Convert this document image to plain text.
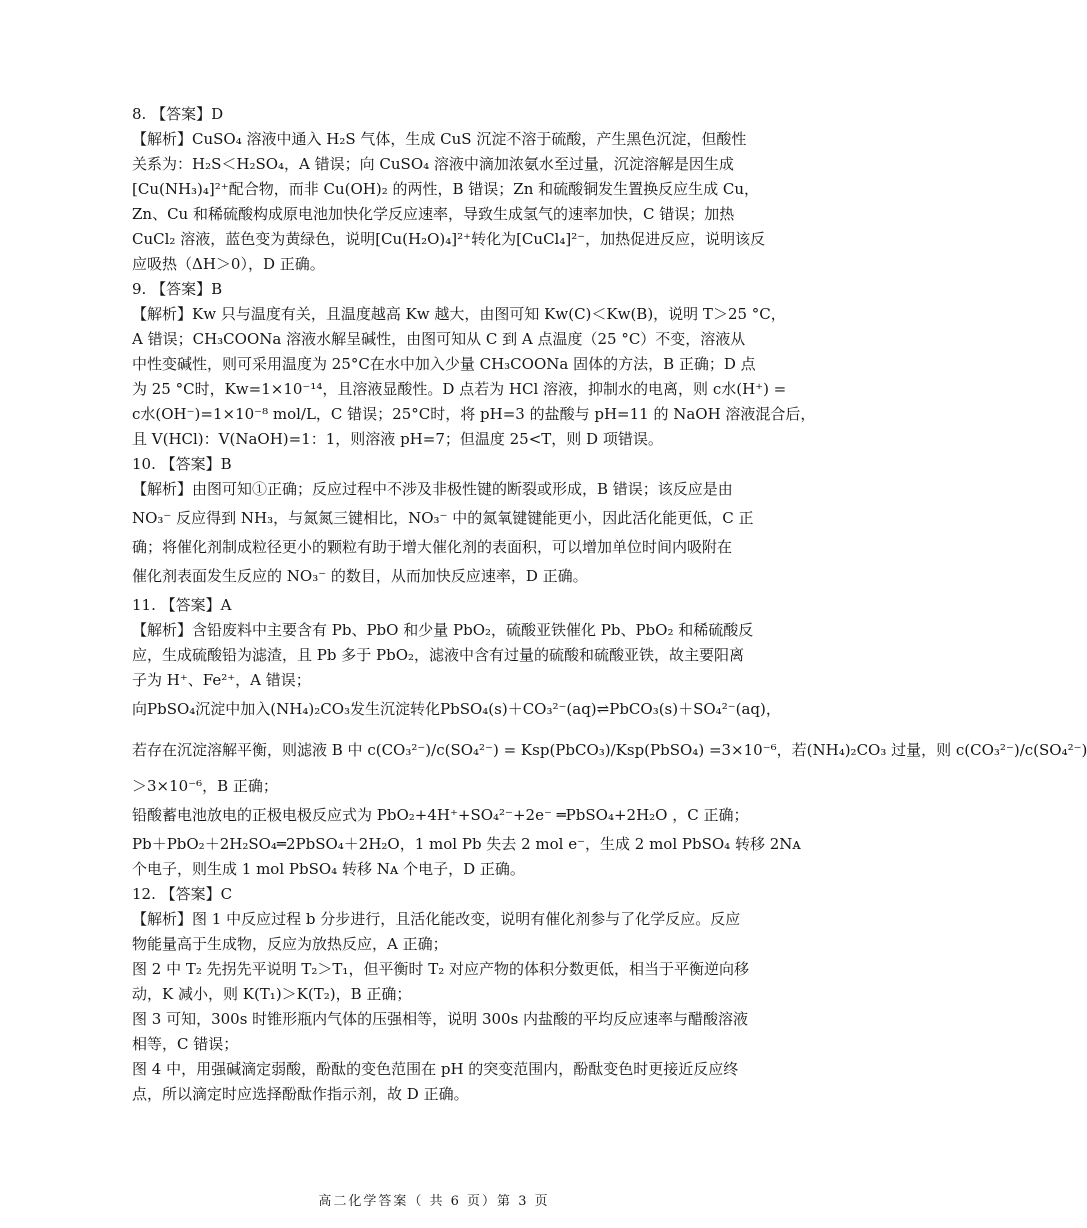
8. 【答案】D
【解析】CuSO₄ 溶液中通入 H₂S 气体，生成 CuS 沉淀不溶于硫酸，产生黑色沉淀，但酸性
关系为：H₂S＜H₂SO₄，A 错误；向 CuSO₄ 溶液中滴加浓氨水至过量，沉淀溶解是因生成
[Cu(NH₃)₄]²⁺配合物，而非 Cu(OH)₂ 的两性，B 错误；Zn 和硫酸铜发生置换反应生成 Cu，
Zn、Cu 和稀硫酸构成原电池加快化学反应速率，导致生成氢气的速率加快，C 错误；加热
CuCl₂ 溶液，蓝色变为黄绿色，说明[Cu(H₂O)₄]²⁺转化为[CuCl₄]²⁻，加热促进反应，说明该反
应吸热（ΔH＞0），D 正确。
9. 【答案】B
【解析】Kw 只与温度有关，且温度越高 Kw 越大，由图可知 Kw(C)＜Kw(B)，说明 T＞25 °C，
A 错误；CH₃COONa 溶液水解呈碱性，由图可知从 C 到 A 点温度（25 °C）不变，溶液从
中性变碱性，则可采用温度为 25°C在水中加入少量 CH₃COONa 固体的方法，B 正确；D 点
为 25 °C时，Kw=1×10⁻¹⁴，且溶液显酸性。D 点若为 HCl 溶液，抑制水的电离，则 c水(H⁺) =
c水(OH⁻)=1×10⁻⁸ mol/L，C 错误；25°C时，将 pH=3 的盐酸与 pH=11 的 NaOH 溶液混合后，
且 V(HCl)：V(NaOH)=1：1，则溶液 pH=7；但温度 25<T，则 D 项错误。
10. 【答案】B
【解析】由图可知①正确；反应过程中不涉及非极性键的断裂或形成，B 错误；该反应是由
NO₃⁻ 反应得到 NH₃，与氮氮三键相比，NO₃⁻ 中的氮氧键键能更小，因此活化能更低，C 正
确；将催化剂制成粒径更小的颗粒有助于增大催化剂的表面积，可以增加单位时间内吸附在
催化剂表面发生反应的 NO₃⁻ 的数目，从而加快反应速率，D 正确。
11. 【答案】A
【解析】含铅废料中主要含有 Pb、PbO 和少量 PbO₂，硫酸亚铁催化 Pb、PbO₂ 和稀硫酸反
应，生成硫酸铅为滤渣，且 Pb 多于 PbO₂，滤液中含有过量的硫酸和硫酸亚铁，故主要阳离
子为 H⁺、Fe²⁺，A 错误；
向PbSO₄沉淀中加入(NH₄)₂CO₃发生沉淀转化PbSO₄(s)＋CO₃²⁻(aq)⇌PbCO₃(s)＋SO₄²⁻(aq)，
若存在沉淀溶解平衡，则滤液 B 中 c(CO₃²⁻)/c(SO₄²⁻) = Ksp(PbCO₃)/Ksp(PbSO₄) =3×10⁻⁶，若(NH₄)₂CO₃ 过量，则 c(CO₃²⁻)/c(SO₄²⁻)
＞3×10⁻⁶，B 正确；
铅酸蓄电池放电的正极电极反应式为 PbO₂+4H⁺+SO₄²⁻+2e⁻ ═PbSO₄+2H₂O ，C 正确；
Pb＋PbO₂＋2H₂SO₄═2PbSO₄＋2H₂O，1 mol Pb 失去 2 mol e⁻，生成 2 mol PbSO₄ 转移 2Nᴀ
个电子，则生成 1 mol PbSO₄ 转移 Nᴀ 个电子，D 正确。
12. 【答案】C
【解析】图 1 中反应过程 b 分步进行，且活化能改变，说明有催化剂参与了化学反应。反应
物能量高于生成物，反应为放热反应，A 正确；
图 2 中 T₂ 先拐先平说明 T₂＞T₁，但平衡时 T₂ 对应产物的体积分数更低，相当于平衡逆向移
动，K 减小，则 K(T₁)＞K(T₂)，B 正确；
图 3 可知，300s 时锥形瓶内气体的压强相等，说明 300s 内盐酸的平均反应速率与醋酸溶液
相等，C 错误；
图 4 中，用强碱滴定弱酸，酚酞的变色范围在 pH 的突变范围内，酚酞变色时更接近反应终
点，所以滴定时应选择酚酞作指示剂，故 D 正确。
高二化学答案（ 共 6 页）第 3 页
